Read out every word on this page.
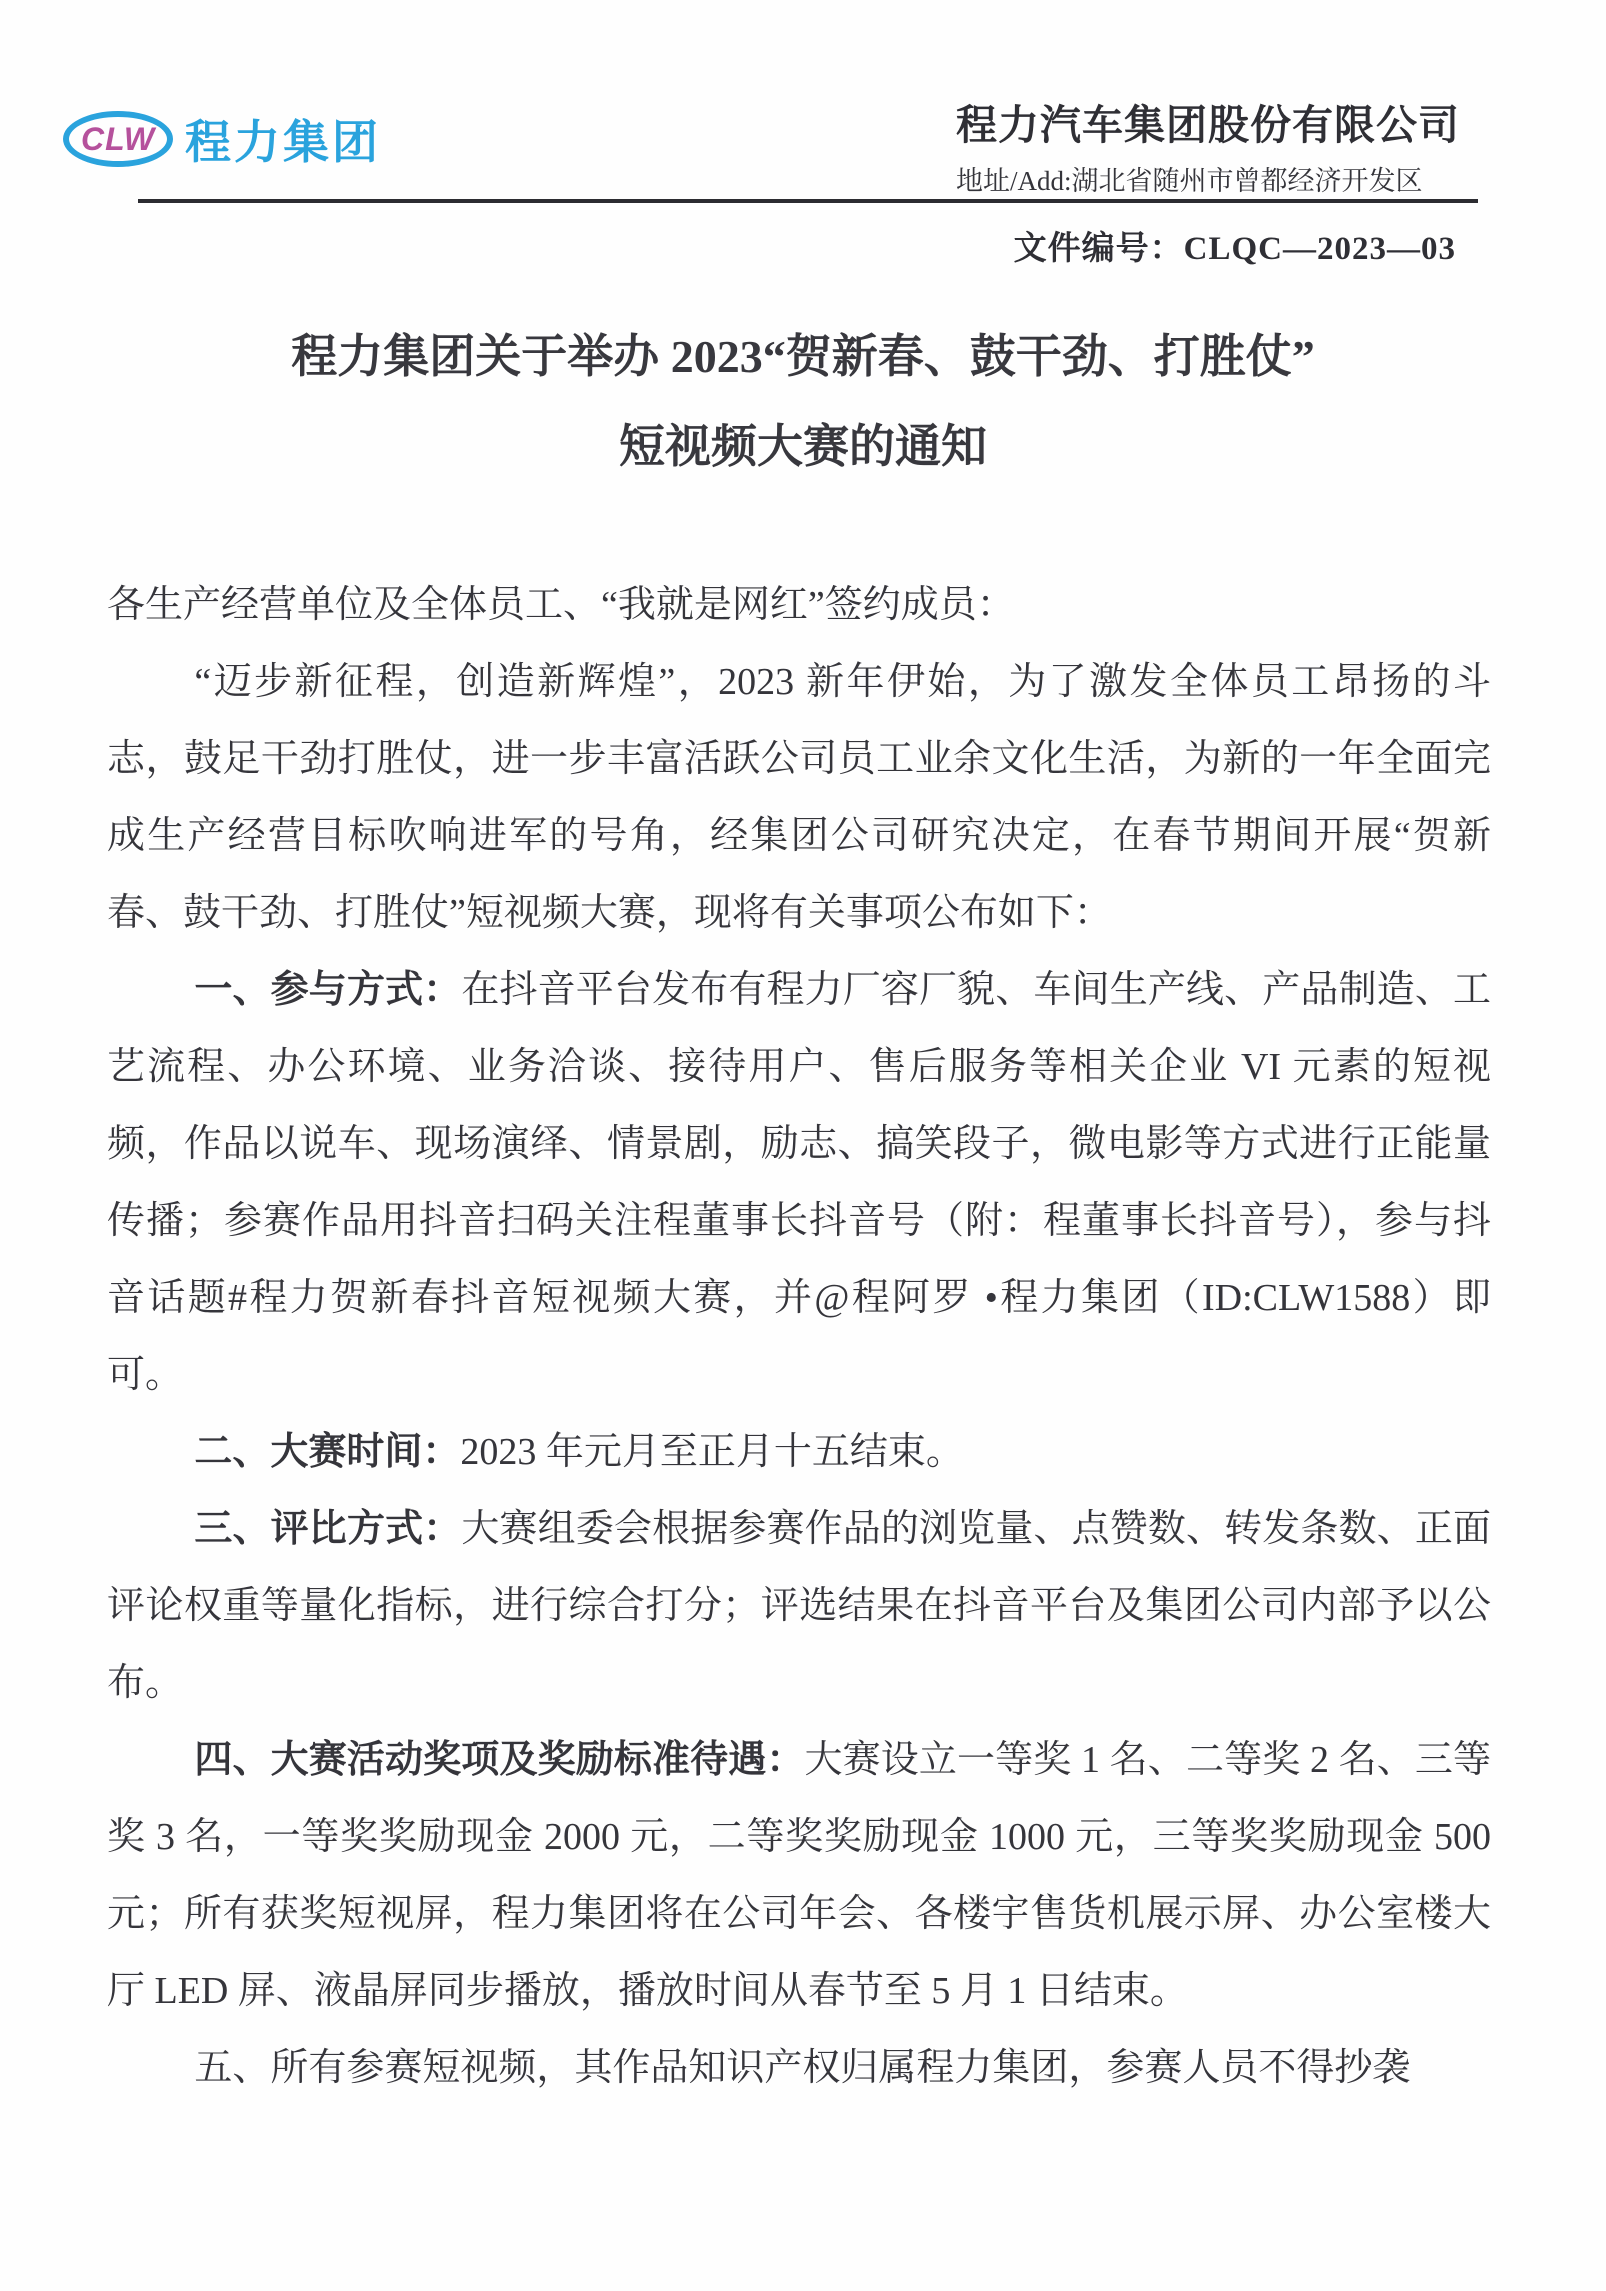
CLW 程力集团	程力汽车集团股份有限公司
地址/Add:湖北省随州市曾都经济开发区
文件编号：CLQC—2023—03
程力集团关于举办 2023“贺新春、鼓干劲、打胜仗”
短视频大赛的通知
各生产经营单位及全体员工、“我就是网红”签约成员：
“迈步新征程，创造新辉煌”，2023 新年伊始，为了激发全体员工昂扬的斗志，鼓足干劲打胜仗，进一步丰富活跃公司员工业余文化生活，为新的一年全面完成生产经营目标吹响进军的号角，经集团公司研究决定，在春节期间开展“贺新春、鼓干劲、打胜仗”短视频大赛，现将有关事项公布如下：
一、参与方式：在抖音平台发布有程力厂容厂貌、车间生产线、产品制造、工艺流程、办公环境、业务洽谈、接待用户、售后服务等相关企业 VI 元素的短视频，作品以说车、现场演绎、情景剧，励志、搞笑段子，微电影等方式进行正能量传播；参赛作品用抖音扫码关注程董事长抖音号（附：程董事长抖音号），参与抖音话题#程力贺新春抖音短视频大赛，并@程阿罗 •程力集团（ID:CLW1588）即可。
二、大赛时间：2023 年元月至正月十五结束。
三、评比方式：大赛组委会根据参赛作品的浏览量、点赞数、转发条数、正面评论权重等量化指标，进行综合打分；评选结果在抖音平台及集团公司内部予以公布。
四、大赛活动奖项及奖励标准待遇：大赛设立一等奖 1 名、二等奖 2 名、三等奖 3 名，一等奖奖励现金 2000 元，二等奖奖励现金 1000 元，三等奖奖励现金 500 元；所有获奖短视屏，程力集团将在公司年会、各楼宇售货机展示屏、办公室楼大厅 LED 屏、液晶屏同步播放，播放时间从春节至 5 月 1 日结束。
五、所有参赛短视频，其作品知识产权归属程力集团，参赛人员不得抄袭
